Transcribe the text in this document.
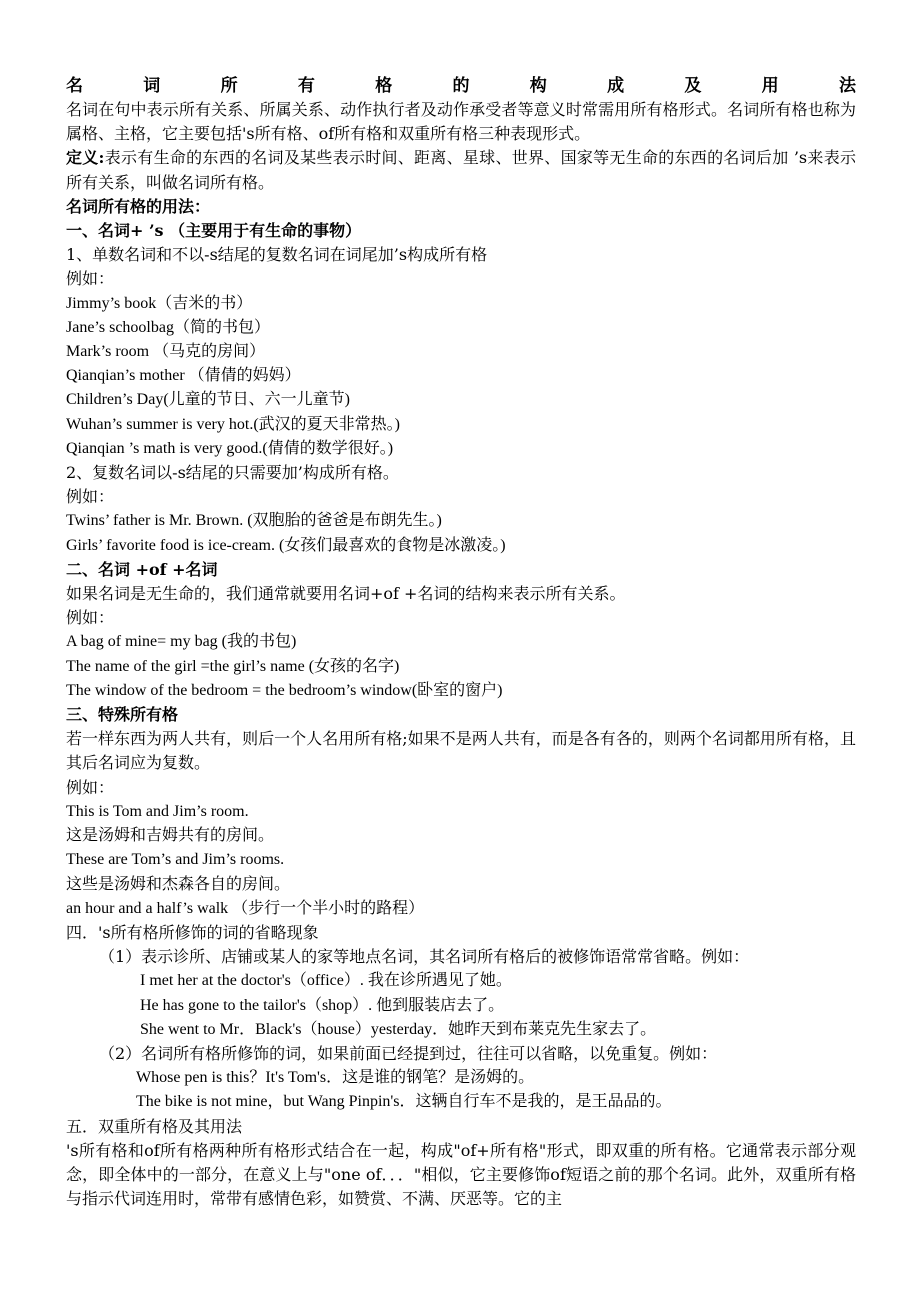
名	词	所	有	格	的	构	成	及	用	法

名词在句中表示所有关系、所属关系、动作执行者及动作承受者等意义时常需用所有格形式。名词所有格也称为属格、主格，它主要包括's所有格、of所有格和双重所有格三种表现形式。

定义:表示有生命的东西的名词及某些表示时间、距离、星球、世界、国家等无生命的东西的名词后加 ’s来表示所有关系，叫做名词所有格。

名词所有格的用法：

一、名词+ ’s （主要用于有生命的事物）

1、单数名词和不以-s结尾的复数名词在词尾加’s构成所有格

例如：

Jimmy’s book（吉米的书）

Jane’s schoolbag（简的书包）

Mark’s room （马克的房间）

Qianqian’s mother （倩倩的妈妈）

Children’s Day(儿童的节日、六一儿童节)

Wuhan’s summer is very hot.(武汉的夏天非常热。)

Qianqian ’s math is very good.(倩倩的数学很好。)

2、复数名词以-s结尾的只需要加’构成所有格。

例如：

Twins’ father is Mr. Brown. (双胞胎的爸爸是布朗先生。)

Girls’ favorite food is ice-cream. (女孩们最喜欢的食物是冰激凌。)

二、名词 +of +名词

如果名词是无生命的，我们通常就要用名词+of +名词的结构来表示所有关系。

例如：

A bag of mine= my bag (我的书包)

The name of the girl =the girl’s name (女孩的名字)

The window of the bedroom = the bedroom’s window(卧室的窗户)

三、特殊所有格

若一样东西为两人共有，则后一个人名用所有格;如果不是两人共有，而是各有各的，则两个名词都用所有格，且其后名词应为复数。

例如：

This is Tom and Jim’s room.

这是汤姆和吉姆共有的房间。

These are Tom’s and Jim’s rooms.

这些是汤姆和杰森各自的房间。

an hour and a half’s walk （步行一个半小时的路程）

四．'s所有格所修饰的词的省略现象

（1）表示诊所、店铺或某人的家等地点名词，其名词所有格后的被修饰语常常省略。例如：

I met her at the doctor's（office）. 我在诊所遇见了她。

He has gone to the tailor's（shop）. 他到服装店去了。

She went to Mr．Black's（house）yesterday．她昨天到布莱克先生家去了。

（2）名词所有格所修饰的词，如果前面已经提到过，往往可以省略，以免重复。例如：

Whose pen is this？It's Tom's．这是谁的钢笔？是汤姆的。

The bike is not mine，but Wang Pinpin's．这辆自行车不是我的，是王品品的。

五．双重所有格及其用法

's所有格和of所有格两种所有格形式结合在一起，构成"of+所有格"形式，即双重的所有格。它通常表示部分观念，即全体中的一部分，在意义上与"one of．．．"相似，它主要修饰of短语之前的那个名词。此外，双重所有格与指示代词连用时，常带有感情色彩，如赞赏、不满、厌恶等。它的主
